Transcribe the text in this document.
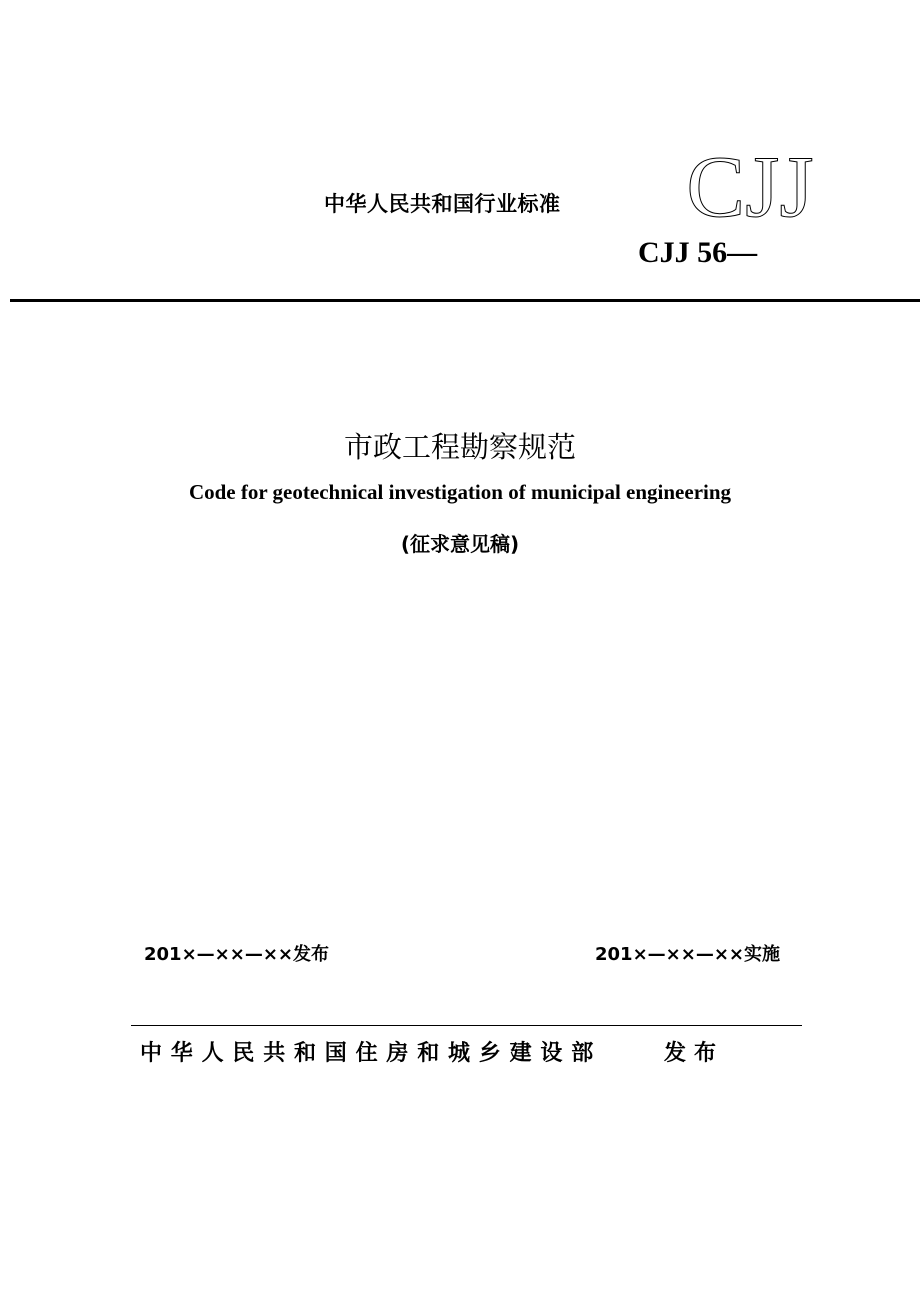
中华人民共和国行业标准 CJJ
CJJ 56—
市政工程勘察规范
Code for geotechnical investigation of municipal engineering
(征求意见稿)
201×—××—××发布	201×—××—××实施
中华人民共和国住房和城乡建设部	发布
